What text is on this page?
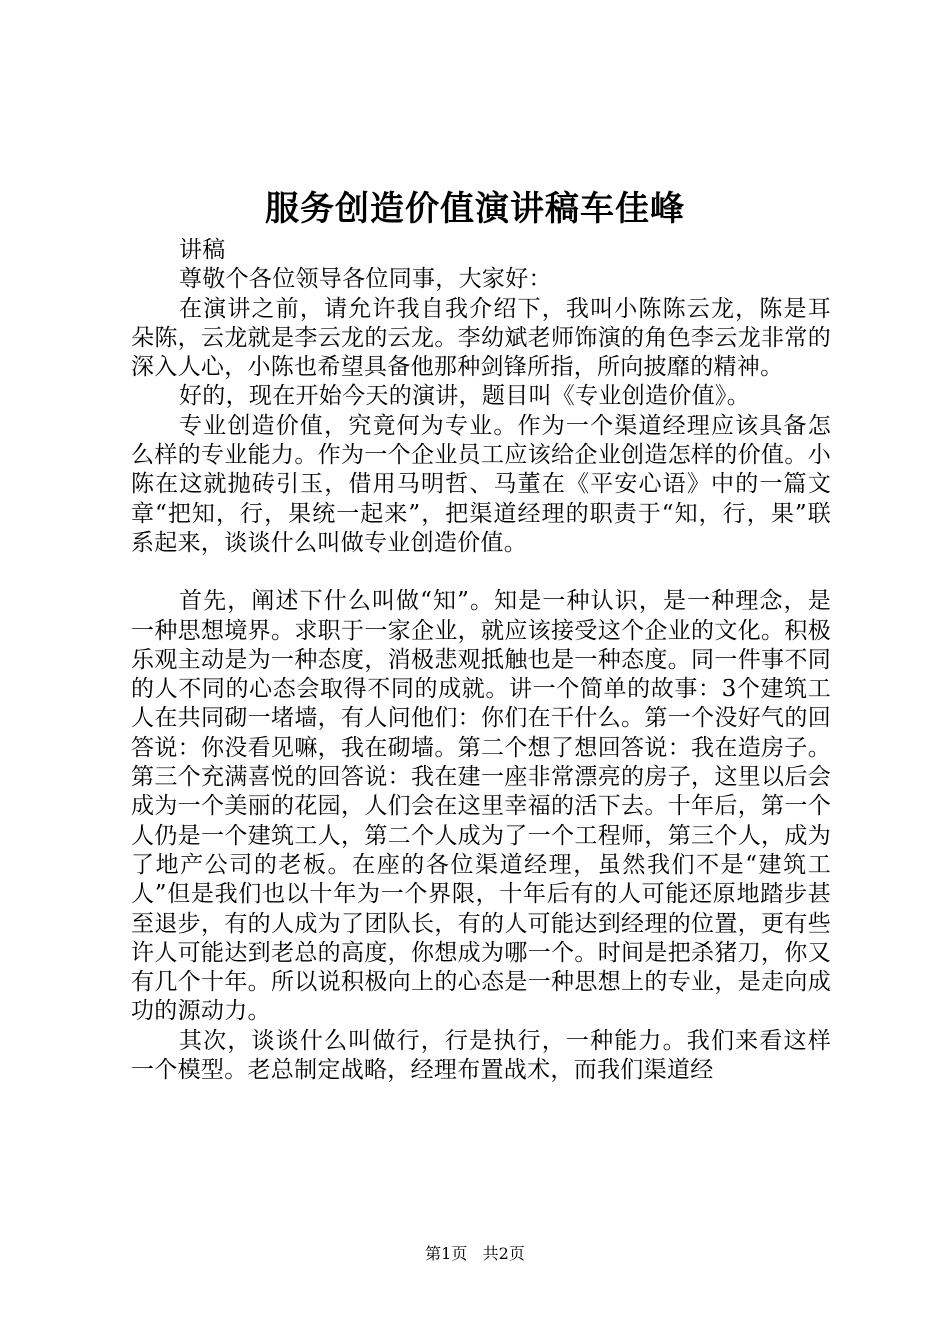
服务创造价值演讲稿车佳峰

讲稿

尊敬个各位领导各位同事，大家好：

在演讲之前，请允许我自我介绍下，我叫小陈陈云龙，陈是耳朵陈，云龙就是李云龙的云龙。李幼斌老师饰演的角色李云龙非常的深入人心，小陈也希望具备他那种剑锋所指，所向披靡的精神。

好的，现在开始今天的演讲，题目叫《专业创造价值》。

专业创造价值，究竟何为专业。作为一个渠道经理应该具备怎么样的专业能力。作为一个企业员工应该给企业创造怎样的价值。小陈在这就抛砖引玉，借用马明哲、马董在《平安心语》中的一篇文章“把知，行，果统一起来”，把渠道经理的职责于“知，行，果”联系起来，谈谈什么叫做专业创造价值。

首先，阐述下什么叫做“知”。知是一种认识，是一种理念，是一种思想境界。求职于一家企业，就应该接受这个企业的文化。积极乐观主动是为一种态度，消极悲观抵触也是一种态度。同一件事不同的人不同的心态会取得不同的成就。讲一个简单的故事：3个建筑工人在共同砌一堵墙，有人问他们：你们在干什么。第一个没好气的回答说：你没看见嘛，我在砌墙。第二个想了想回答说：我在造房子。第三个充满喜悦的回答说：我在建一座非常漂亮的房子，这里以后会成为一个美丽的花园，人们会在这里幸福的活下去。十年后，第一个人仍是一个建筑工人，第二个人成为了一个工程师，第三个人，成为了地产公司的老板。在座的各位渠道经理，虽然我们不是“建筑工人”但是我们也以十年为一个界限，十年后有的人可能还原地踏步甚至退步，有的人成为了团队长，有的人可能达到经理的位置，更有些许人可能达到老总的高度，你想成为哪一个。时间是把杀猪刀，你又有几个十年。所以说积极向上的心态是一种思想上的专业，是走向成功的源动力。

其次，谈谈什么叫做行，行是执行，一种能力。我们来看这样一个模型。老总制定战略，经理布置战术，而我们渠道经

第1页 共2页
